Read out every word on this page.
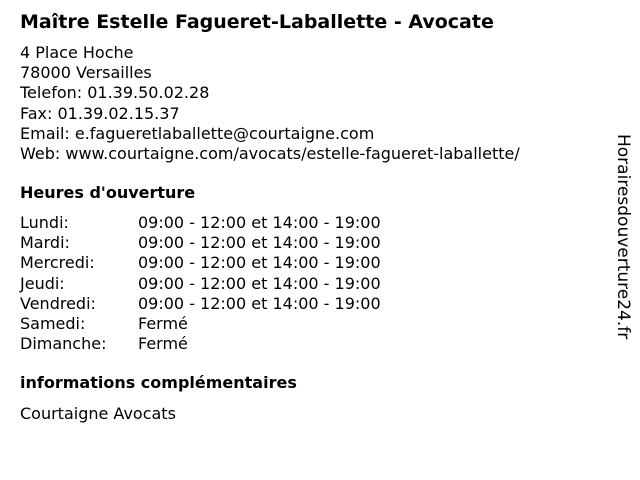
Maître Estelle Fagueret-Laballette - Avocate
4 Place Hoche
78000 Versailles
Telefon: 01.39.50.02.28
Fax: 01.39.02.15.37
Email: e.fagueretlaballette@courtaigne.com
Web: www.courtaigne.com/avocats/estelle-fagueret-laballette/
Heures d'ouverture
Lundi:	09:00 - 12:00 et 14:00 - 19:00
Mardi:	09:00 - 12:00 et 14:00 - 19:00
Mercredi:	09:00 - 12:00 et 14:00 - 19:00
Jeudi:	09:00 - 12:00 et 14:00 - 19:00
Vendredi:	09:00 - 12:00 et 14:00 - 19:00
Samedi:	Fermé
Dimanche: Fermé
informations complémentaires
Courtaigne Avocats
Horairesdouverture24.fr
